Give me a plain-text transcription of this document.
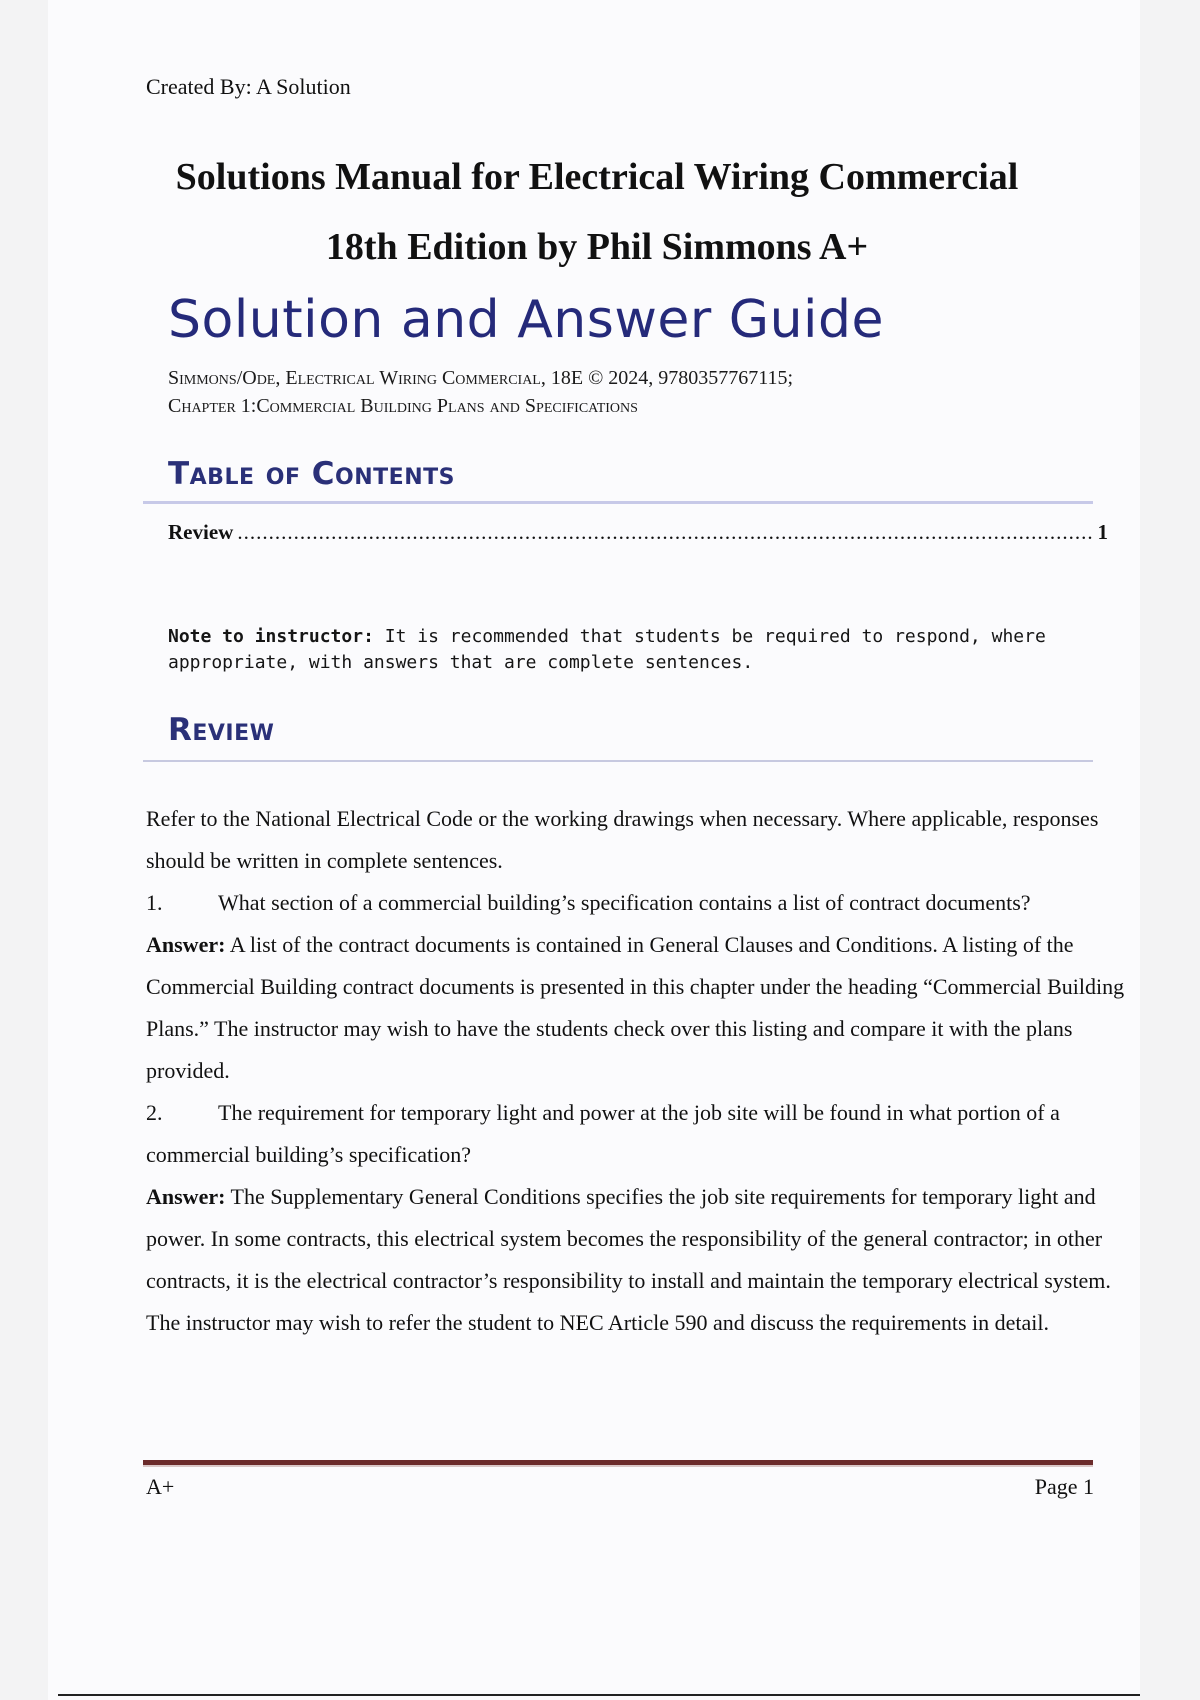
Created By: A Solution
Solutions Manual for Electrical Wiring Commercial
18th Edition by Phil Simmons A+
Solution and Answer Guide
Simmons/Ode, Electrical Wiring Commercial, 18E © 2024, 9780357767115;
Chapter 1:Commercial Building Plans and Specifications
Table of Contents
Review
.....	1
Note to instructor: It is recommended that students be required to respond, where appropriate, with answers that are complete sentences.
Review

Refer to the National Electrical Code or the working drawings when necessary. Where applicable, responses should be written in complete sentences.

1.	What section of a commercial building’s specification contains a list of contract documents?

Answer: A list of the contract documents is contained in General Clauses and Conditions. A listing of the Commercial Building contract documents is presented in this chapter under the heading “Commercial Building Plans.” The instructor may wish to have the students check over this listing and compare it with the plans provided.

2.	The requirement for temporary light and power at the job site will be found in what portion of a commercial building’s specification?

Answer: The Supplementary General Conditions specifies the job site requirements for temporary light and power. In some contracts, this electrical system becomes the responsibility of the general contractor; in other contracts, it is the electrical contractor’s responsibility to install and maintain the temporary electrical system. The instructor may wish to refer the student to NEC Article 590 and discuss the requirements in detail.

A+	Page 1
